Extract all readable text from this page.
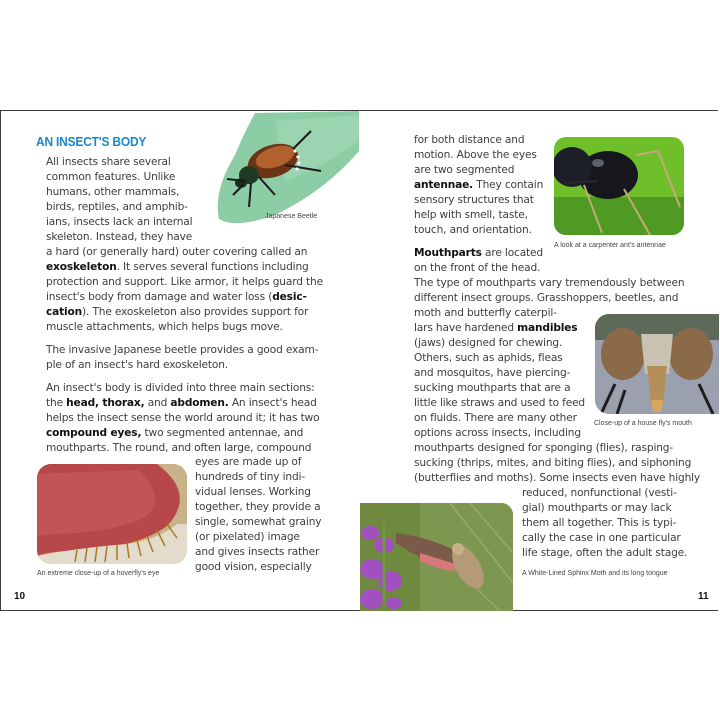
Japanese Beetle
AN INSECT'S BODY
All insects share several
common features. Unlike
humans, other mammals,
birds, reptiles, and amphib-
ians, insects lack an internal
skeleton. Instead, they have
a hard (or generally hard) outer covering called an
exoskeleton. It serves several functions including
protection and support. Like armor, it helps guard the
insect's body from damage and water loss (desic-
cation). The exoskeleton also provides support for
muscle attachments, which helps bugs move.
The invasive Japanese beetle provides a good exam-
ple of an insect's hard exoskeleton.
An insect's body is divided into three main sections:
the head, thorax, and abdomen. An insect's head
helps the insect sense the world around it; it has two
compound eyes, two segmented antennae, and
mouthparts. The round, and often large, compound
eyes are made up of
hundreds of tiny indi-
vidual lenses. Working
together, they provide a
single, somewhat grainy
(or pixelated) image
and gives insects rather
good vision, especially
An extreme close-up of a hoverfly's eye
10
for both distance and
motion. Above the eyes
are two segmented
antennae. They contain
sensory structures that
help with smell, taste,
touch, and orientation.
Mouthparts are located
on the front of the head.
The type of mouthparts vary tremendously between
different insect groups. Grasshoppers, beetles, and
moth and butterfly caterpil-
lars have hardened mandibles
(jaws) designed for chewing.
Others, such as aphids, fleas
and mosquitos, have piercing-
sucking mouthparts that are a
little like straws and used to feed
on fluids. There are many other
options across insects, including
mouthparts designed for sponging (flies), rasping-
sucking (thrips, mites, and biting flies), and siphoning
(butterflies and moths). Some insects even have highly
reduced, nonfunctional (vesti-
gial) mouthparts or may lack
them all together. This is typi-
cally the case in one particular
life stage, often the adult stage.
A look at a carpenter ant's antennae
Close-up of a house fly's mouth
A White-Lined Sphinx Moth and its long tongue
11
